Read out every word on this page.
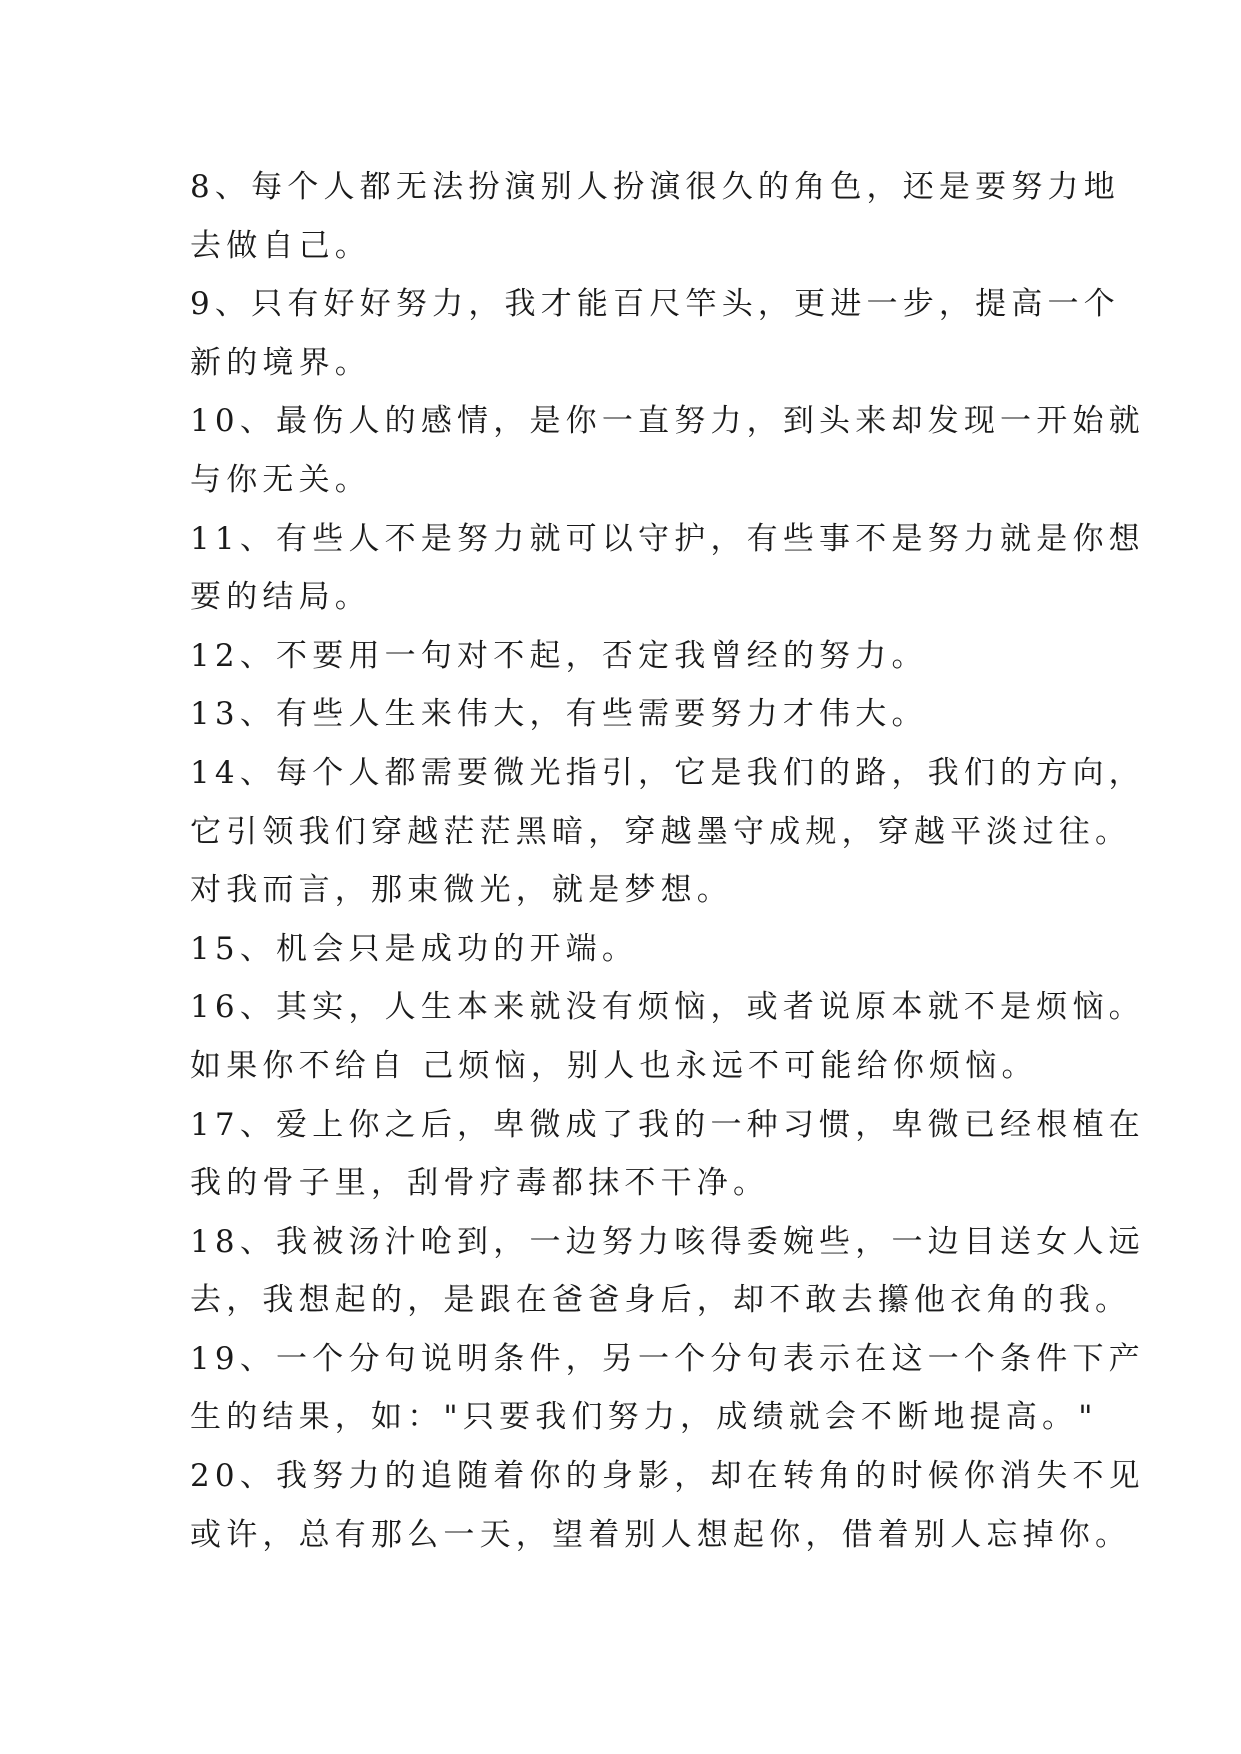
8、每个人都无法扮演别人扮演很久的角色，还是要努力地
去做自己。
9、只有好好努力，我才能百尺竿头，更进一步，提高一个
新的境界。
10、最伤人的感情，是你一直努力，到头来却发现一开始就
与你无关。
11、有些人不是努力就可以守护，有些事不是努力就是你想
要的结局。
12、不要用一句对不起，否定我曾经的努力。
13、有些人生来伟大，有些需要努力才伟大。
14、每个人都需要微光指引，它是我们的路，我们的方向，
它引领我们穿越茫茫黑暗，穿越墨守成规，穿越平淡过往。
对我而言，那束微光，就是梦想。
15、机会只是成功的开端。
16、其实，人生本来就没有烦恼，或者说原本就不是烦恼。
如果你不给自 己烦恼，别人也永远不可能给你烦恼。
17、爱上你之后，卑微成了我的一种习惯，卑微已经根植在
我的骨子里，刮骨疗毒都抹不干净。
18、我被汤汁呛到，一边努力咳得委婉些，一边目送女人远
去，我想起的，是跟在爸爸身后，却不敢去攥他衣角的我。
19、一个分句说明条件，另一个分句表示在这一个条件下产
生的结果，如："只要我们努力，成绩就会不断地提高。"
20、我努力的追随着你的身影，却在转角的时候你消失不见
或许，总有那么一天，望着别人想起你，借着别人忘掉你。
